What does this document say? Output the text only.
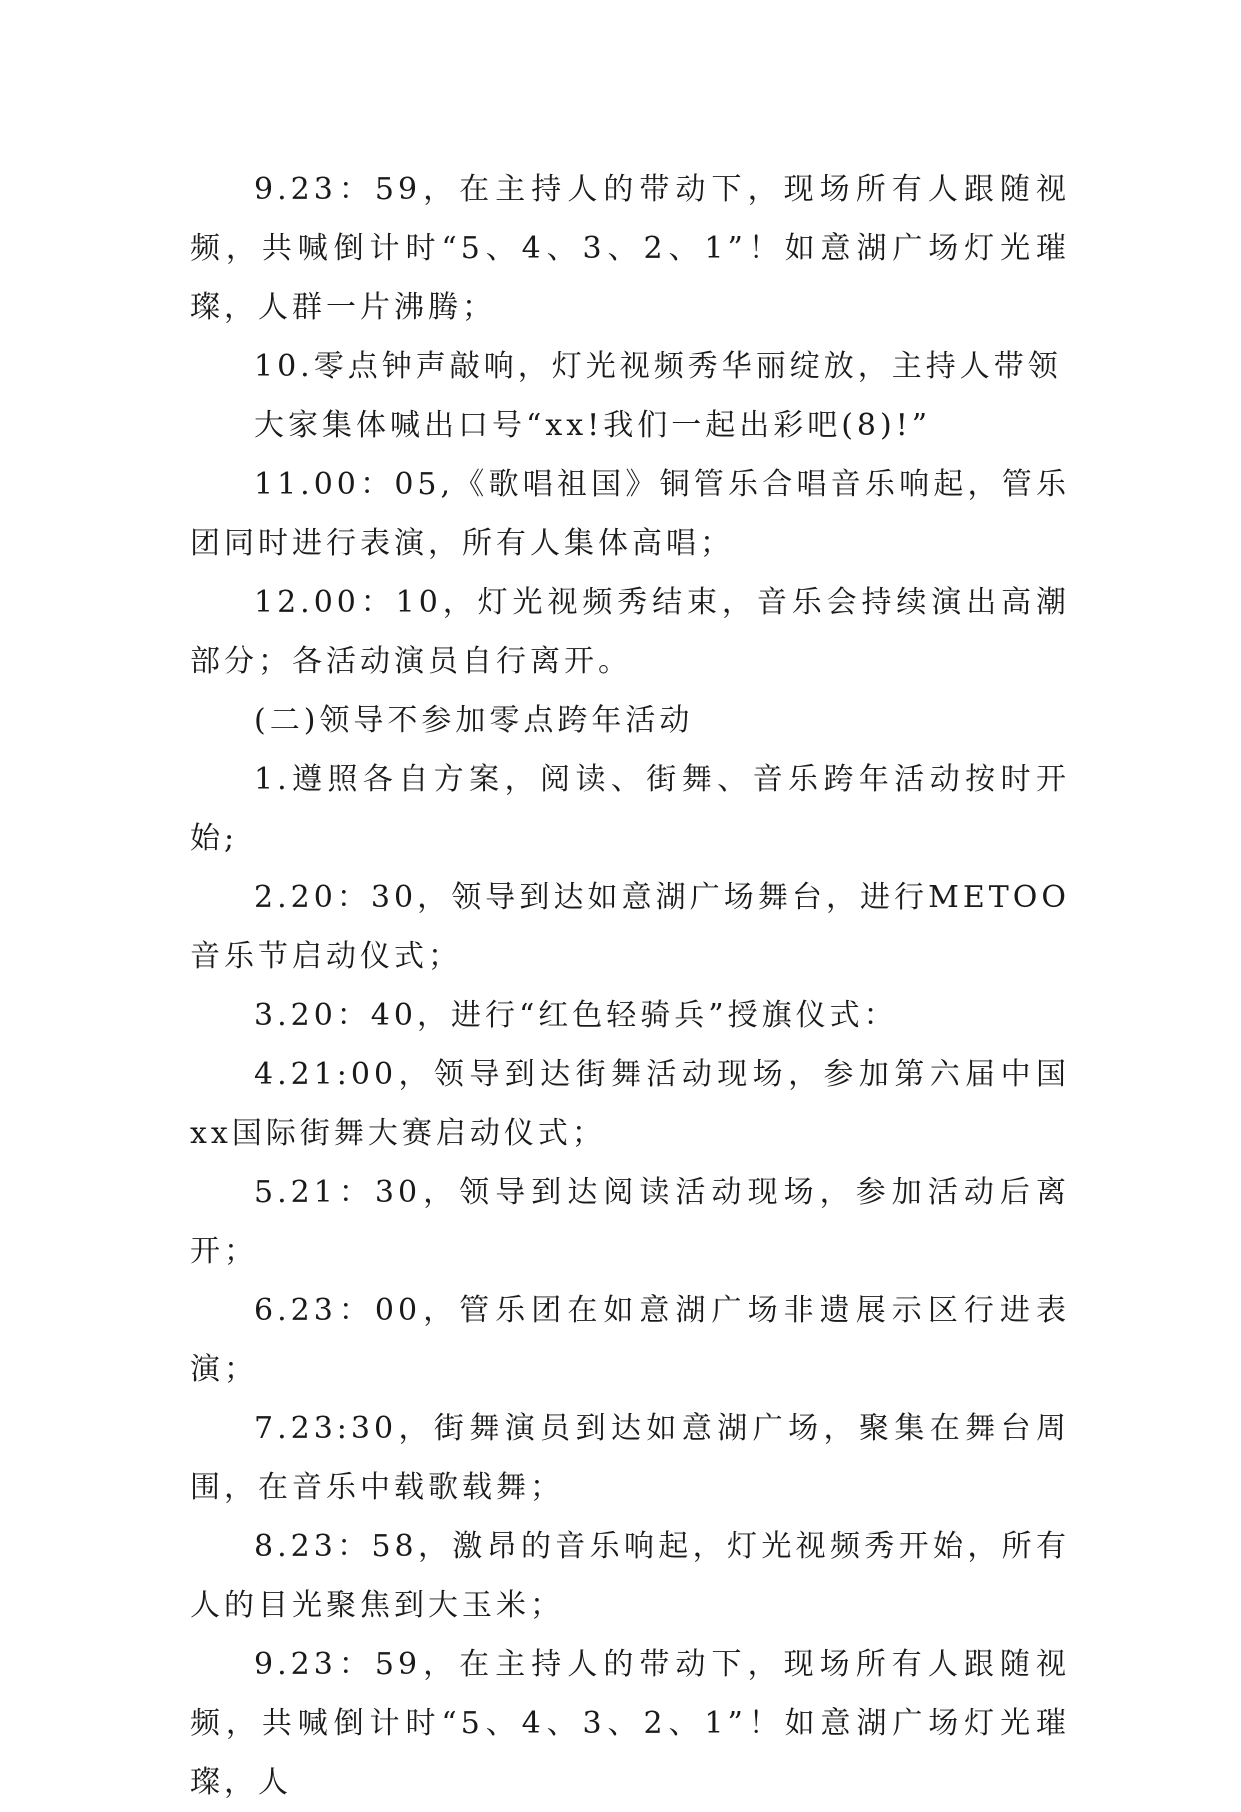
9.23：59，在主持人的带动下，现场所有人跟随视频，共喊倒计时“5、4、3、2、1”！如意湖广场灯光璀璨，人群一片沸腾；

10.零点钟声敲响，灯光视频秀华丽绽放，主持人带领

大家集体喊出口号“xx!我们一起出彩吧(8)!”

11.00：05,《歌唱祖国》铜管乐合唱音乐响起，管乐团同时进行表演，所有人集体高唱；

12.00：10，灯光视频秀结束，音乐会持续演出高潮部分；各活动演员自行离开。

(二)领导不参加零点跨年活动

1.遵照各自方案，阅读、街舞、音乐跨年活动按时开始;

2.20：30，领导到达如意湖广场舞台，进行METOO音乐节启动仪式；

3.20：40，进行“红色轻骑兵”授旗仪式：

4.21:00，领导到达街舞活动现场，参加第六届中国xx国际街舞大赛启动仪式；

5.21：30，领导到达阅读活动现场，参加活动后离开；

6.23：00，管乐团在如意湖广场非遗展示区行进表演；

7.23:30，街舞演员到达如意湖广场，聚集在舞台周围，在音乐中载歌载舞；

8.23：58，激昂的音乐响起，灯光视频秀开始，所有人的目光聚焦到大玉米；

9.23：59，在主持人的带动下，现场所有人跟随视频，共喊倒计时“5、4、3、2、1”！如意湖广场灯光璀璨，人
